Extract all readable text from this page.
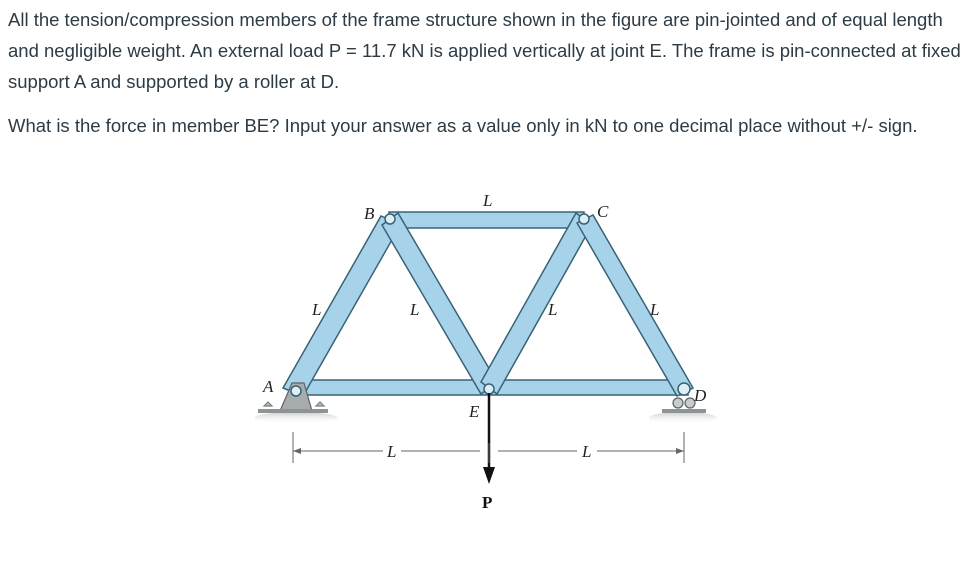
All the tension/compression members of the frame structure shown in the figure are pin-jointed and of equal length and negligible weight. An external load P = 11.7 kN is applied vertically at joint E. The frame is pin-connected at fixed support A and supported by a roller at D.

What is the force in member BE? Input your answer as a value only in kN to one decimal place without +/- sign.

A
B	C
D
E
L
L	L	L	L
L	L
P
